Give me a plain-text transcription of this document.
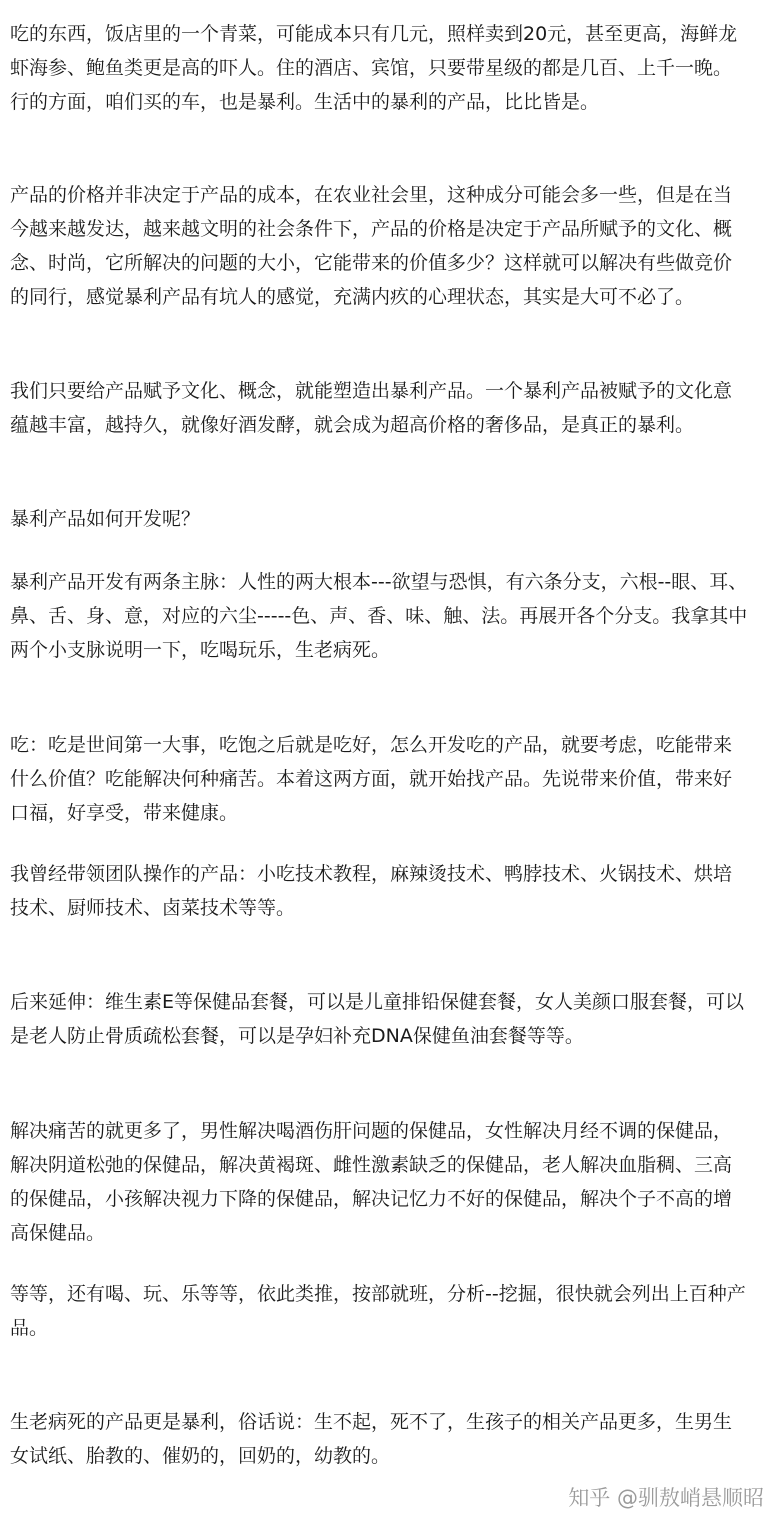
吃的东西，饭店里的一个青菜，可能成本只有几元，照样卖到20元，甚至更高，海鲜龙
虾海参、鲍鱼类更是高的吓人。住的酒店、宾馆，只要带星级的都是几百、上千一晚。
行的方面，咱们买的车，也是暴利。生活中的暴利的产品，比比皆是。
产品的价格并非决定于产品的成本，在农业社会里，这种成分可能会多一些，但是在当
今越来越发达，越来越文明的社会条件下，产品的价格是决定于产品所赋予的文化、概
念、时尚，它所解决的问题的大小，它能带来的价值多少？这样就可以解决有些做竞价
的同行，感觉暴利产品有坑人的感觉，充满内疚的心理状态，其实是大可不必了。
我们只要给产品赋予文化、概念，就能塑造出暴利产品。一个暴利产品被赋予的文化意
蕴越丰富，越持久，就像好酒发酵，就会成为超高价格的奢侈品，是真正的暴利。
暴利产品如何开发呢？
暴利产品开发有两条主脉：人性的两大根本---欲望与恐惧，有六条分支，六根--眼、耳、
鼻、舌、身、意，对应的六尘-----色、声、香、味、触、法。再展开各个分支。我拿其中
两个小支脉说明一下，吃喝玩乐，生老病死。
吃：吃是世间第一大事，吃饱之后就是吃好，怎么开发吃的产品，就要考虑，吃能带来
什么价值？吃能解决何种痛苦。本着这两方面，就开始找产品。先说带来价值，带来好
口福，好享受，带来健康。
我曾经带领团队操作的产品：小吃技术教程，麻辣烫技术、鸭脖技术、火锅技术、烘培
技术、厨师技术、卤菜技术等等。
后来延伸：维生素E等保健品套餐，可以是儿童排铅保健套餐，女人美颜口服套餐，可以
是老人防止骨质疏松套餐，可以是孕妇补充DNA保健鱼油套餐等等。
解决痛苦的就更多了，男性解决喝酒伤肝问题的保健品，女性解决月经不调的保健品，
解决阴道松弛的保健品，解决黄褐斑、雌性激素缺乏的保健品，老人解决血脂稠、三高
的保健品，小孩解决视力下降的保健品，解决记忆力不好的保健品，解决个子不高的增
高保健品。
等等，还有喝、玩、乐等等，依此类推，按部就班，分析--挖掘，很快就会列出上百种产
品。
生老病死的产品更是暴利，俗话说：生不起，死不了，生孩子的相关产品更多，生男生
女试纸、胎教的、催奶的，回奶的，幼教的。
知乎 @驯敖峭悬顺昭
